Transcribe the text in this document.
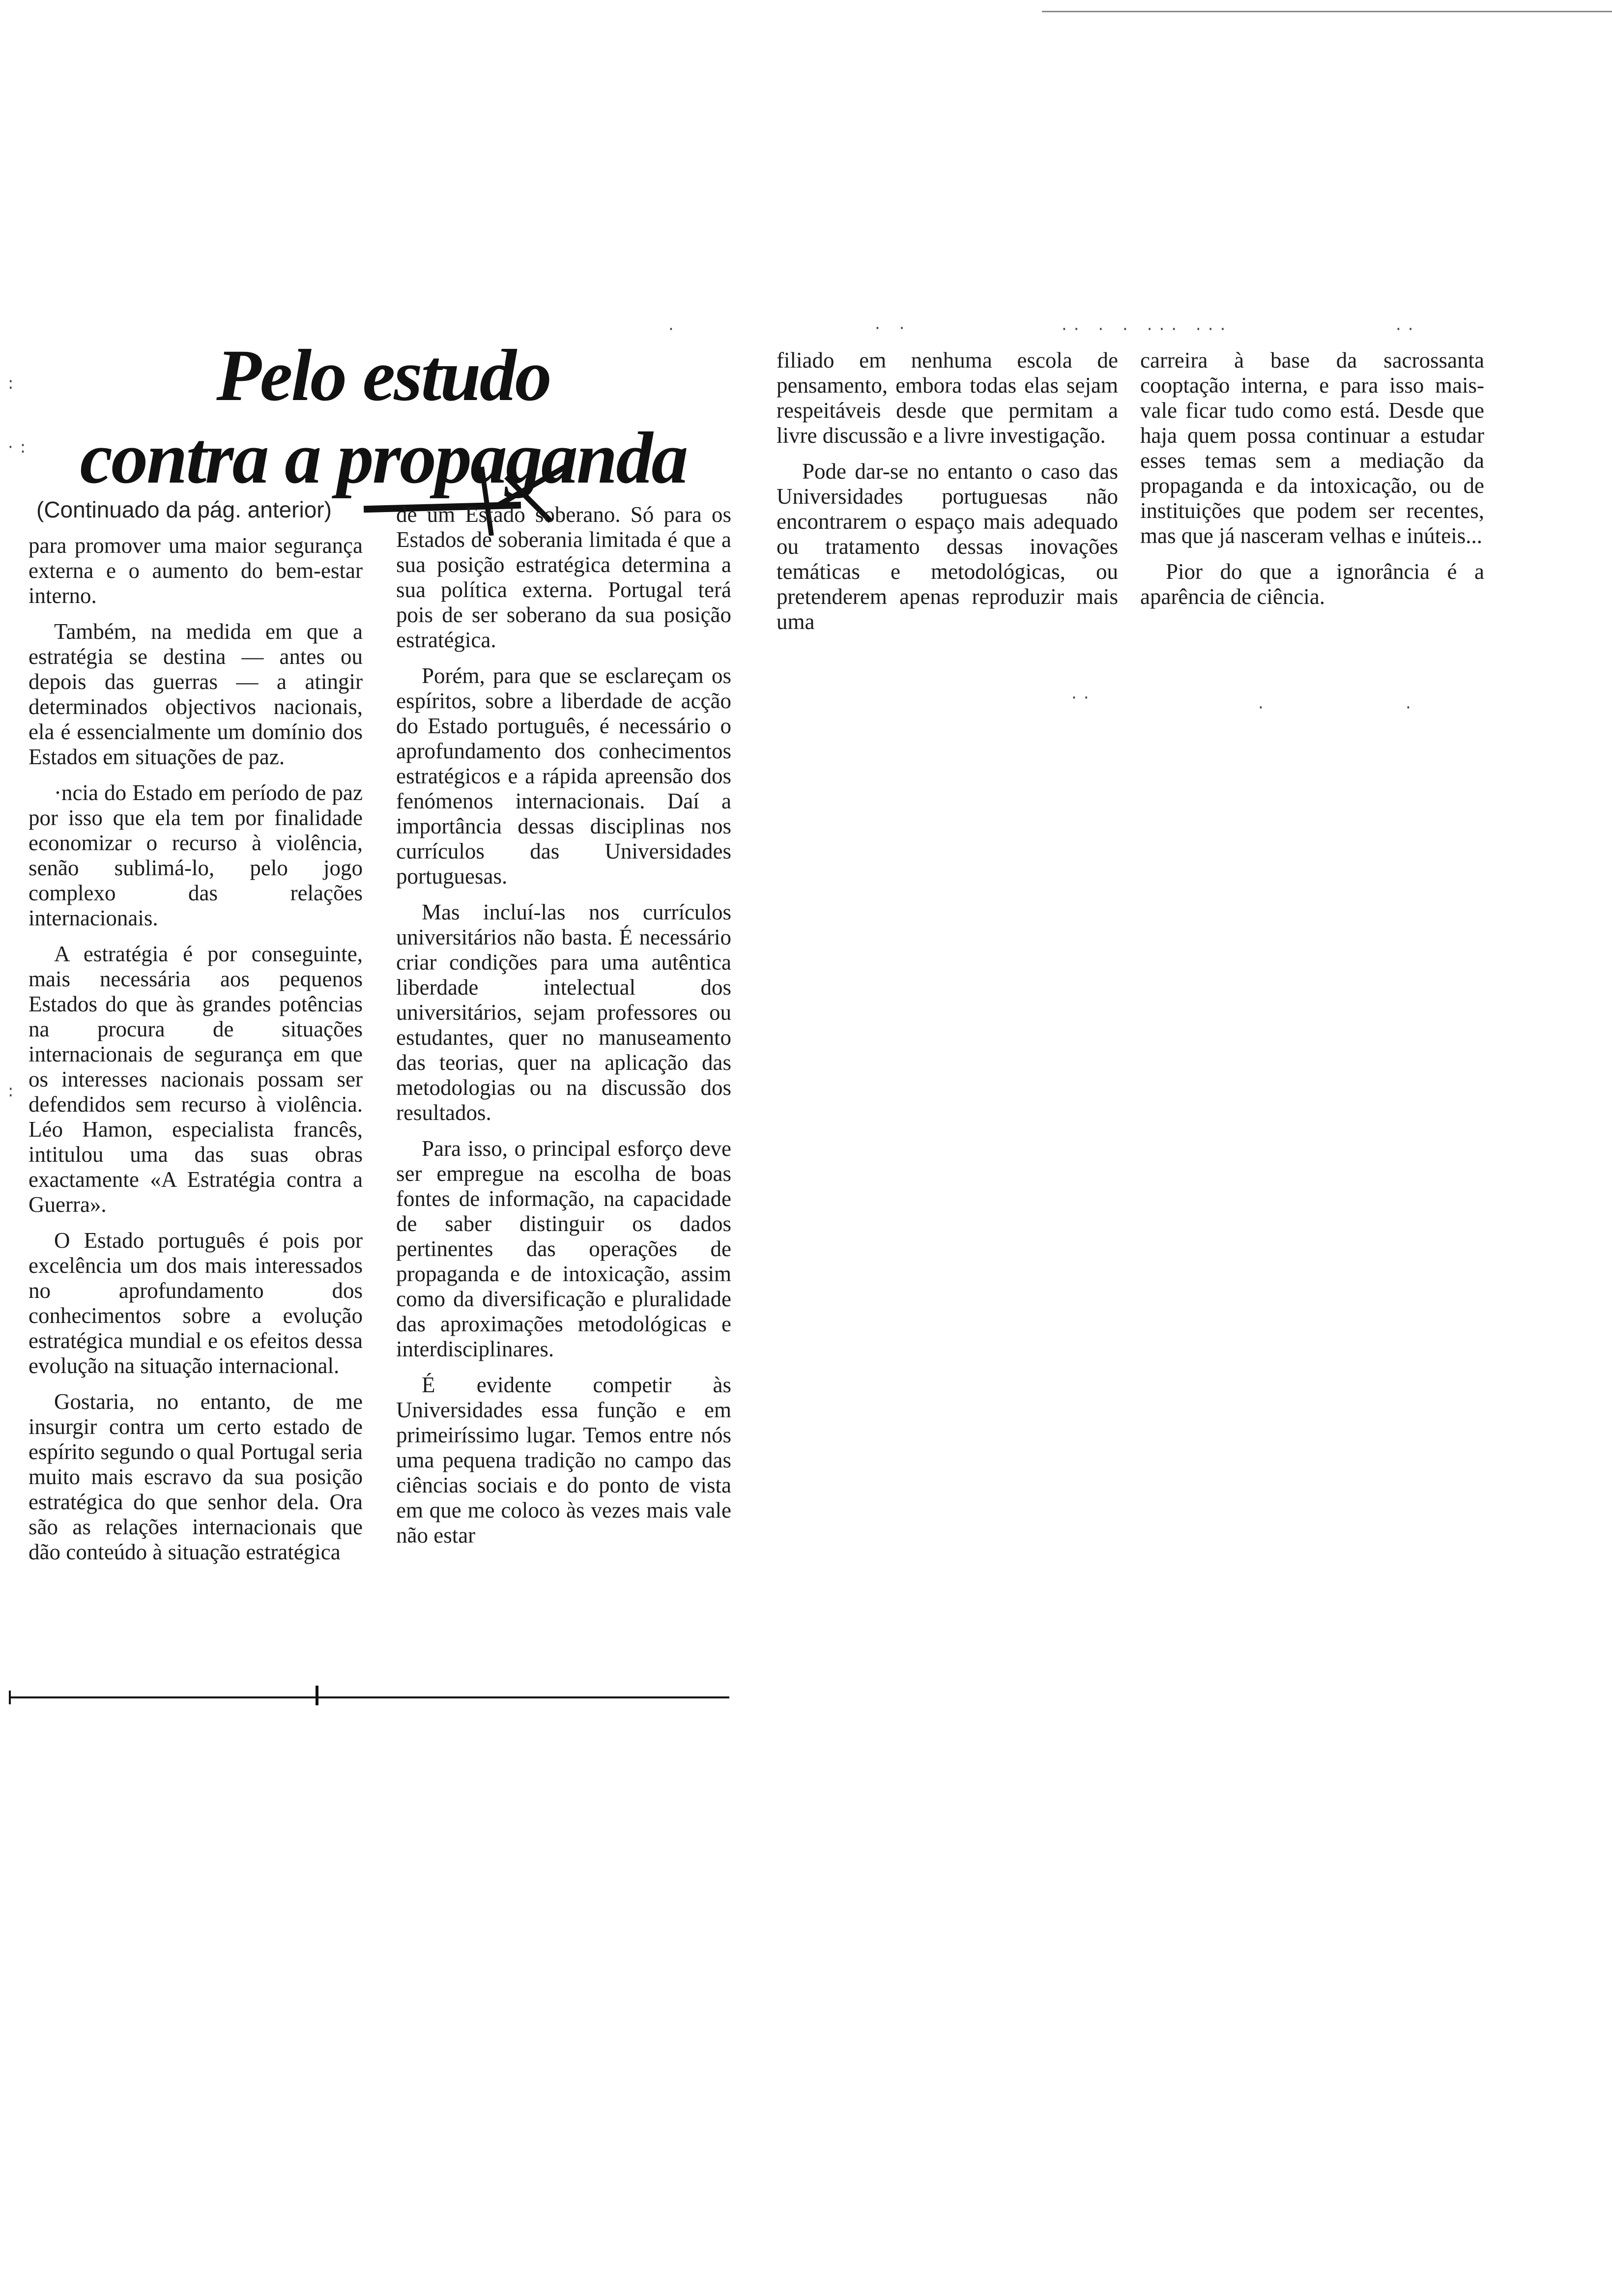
·	· ·	·· · · ··· ···	··
··	·	·
:
·:
:
Pelo estudo
contra a propaganda
(Continuado da pág. anterior)

para promover uma maior segurança externa e o aumento do bem-estar interno.

Também, na medida em que a estratégia se destina — antes ou depois das guerras — a atingir determinados objectivos nacionais, ela é essencialmente um domínio dos Estados em situações de paz.

·ncia do Estado em período de paz por isso que ela tem por finalidade economizar o recurso à violência, senão sublimá-lo, pelo jogo complexo das relações internacionais.

A estratégia é por conseguinte, mais necessária aos pequenos Estados do que às grandes potências na procura de situações internacionais de segurança em que os interesses nacionais possam ser defendidos sem recurso à violência. Léo Hamon, especialista francês, intitulou uma das suas obras exactamente «A Estratégia contra a Guerra».

O Estado português é pois por excelência um dos mais interessados no aprofundamento dos conhecimentos sobre a evolução estratégica mundial e os efeitos dessa evolução na situação internacional.

Gostaria, no entanto, de me insurgir contra um certo estado de espírito segundo o qual Portugal seria muito mais escravo da sua posição estratégica do que senhor dela. Ora são as relações internacionais que dão conteúdo à situação estratégica

de um Estado soberano. Só para os Estados de soberania limitada é que a sua posição estratégica determina a sua política externa. Portugal terá pois de ser soberano da sua posição estratégica.

Porém, para que se esclareçam os espíritos, sobre a liberdade de acção do Estado português, é necessário o aprofundamento dos conhecimentos estratégicos e a rápida apreensão dos fenómenos internacionais. Daí a importância dessas disciplinas nos currículos das Universidades portuguesas.

Mas incluí-las nos currículos universitários não basta. É necessário criar condições para uma autêntica liberdade intelectual dos universitários, sejam professores ou estudantes, quer no manuseamento das teorias, quer na aplicação das metodologias ou na discussão dos resultados.

Para isso, o principal esforço deve ser empregue na escolha de boas fontes de informação, na capacidade de saber distinguir os dados pertinentes das operações de propaganda e de intoxicação, assim como da diversificação e pluralidade das aproximações metodológicas e interdisciplinares.

É evidente competir às Universidades essa função e em primeiríssimo lugar. Temos entre nós uma pequena tradição no campo das ciências sociais e do ponto de vista em que me coloco às vezes mais vale não estar

filiado em nenhuma escola de pensamento, embora todas elas sejam respeitáveis desde que permitam a livre discussão e a livre investigação.

Pode dar-se no entanto o caso das Universidades portuguesas não encontrarem o espaço mais adequado ou tratamento dessas inovações temáticas e metodológicas, ou pretenderem apenas reproduzir mais uma

carreira à base da sacrossanta cooptação interna, e para isso mais-vale ficar tudo como está. Desde que haja quem possa continuar a estudar esses temas sem a mediação da propaganda e da intoxicação, ou de instituições que podem ser recentes, mas que já nasceram velhas e inúteis...

Pior do que a ignorância é a aparência de ciência.
